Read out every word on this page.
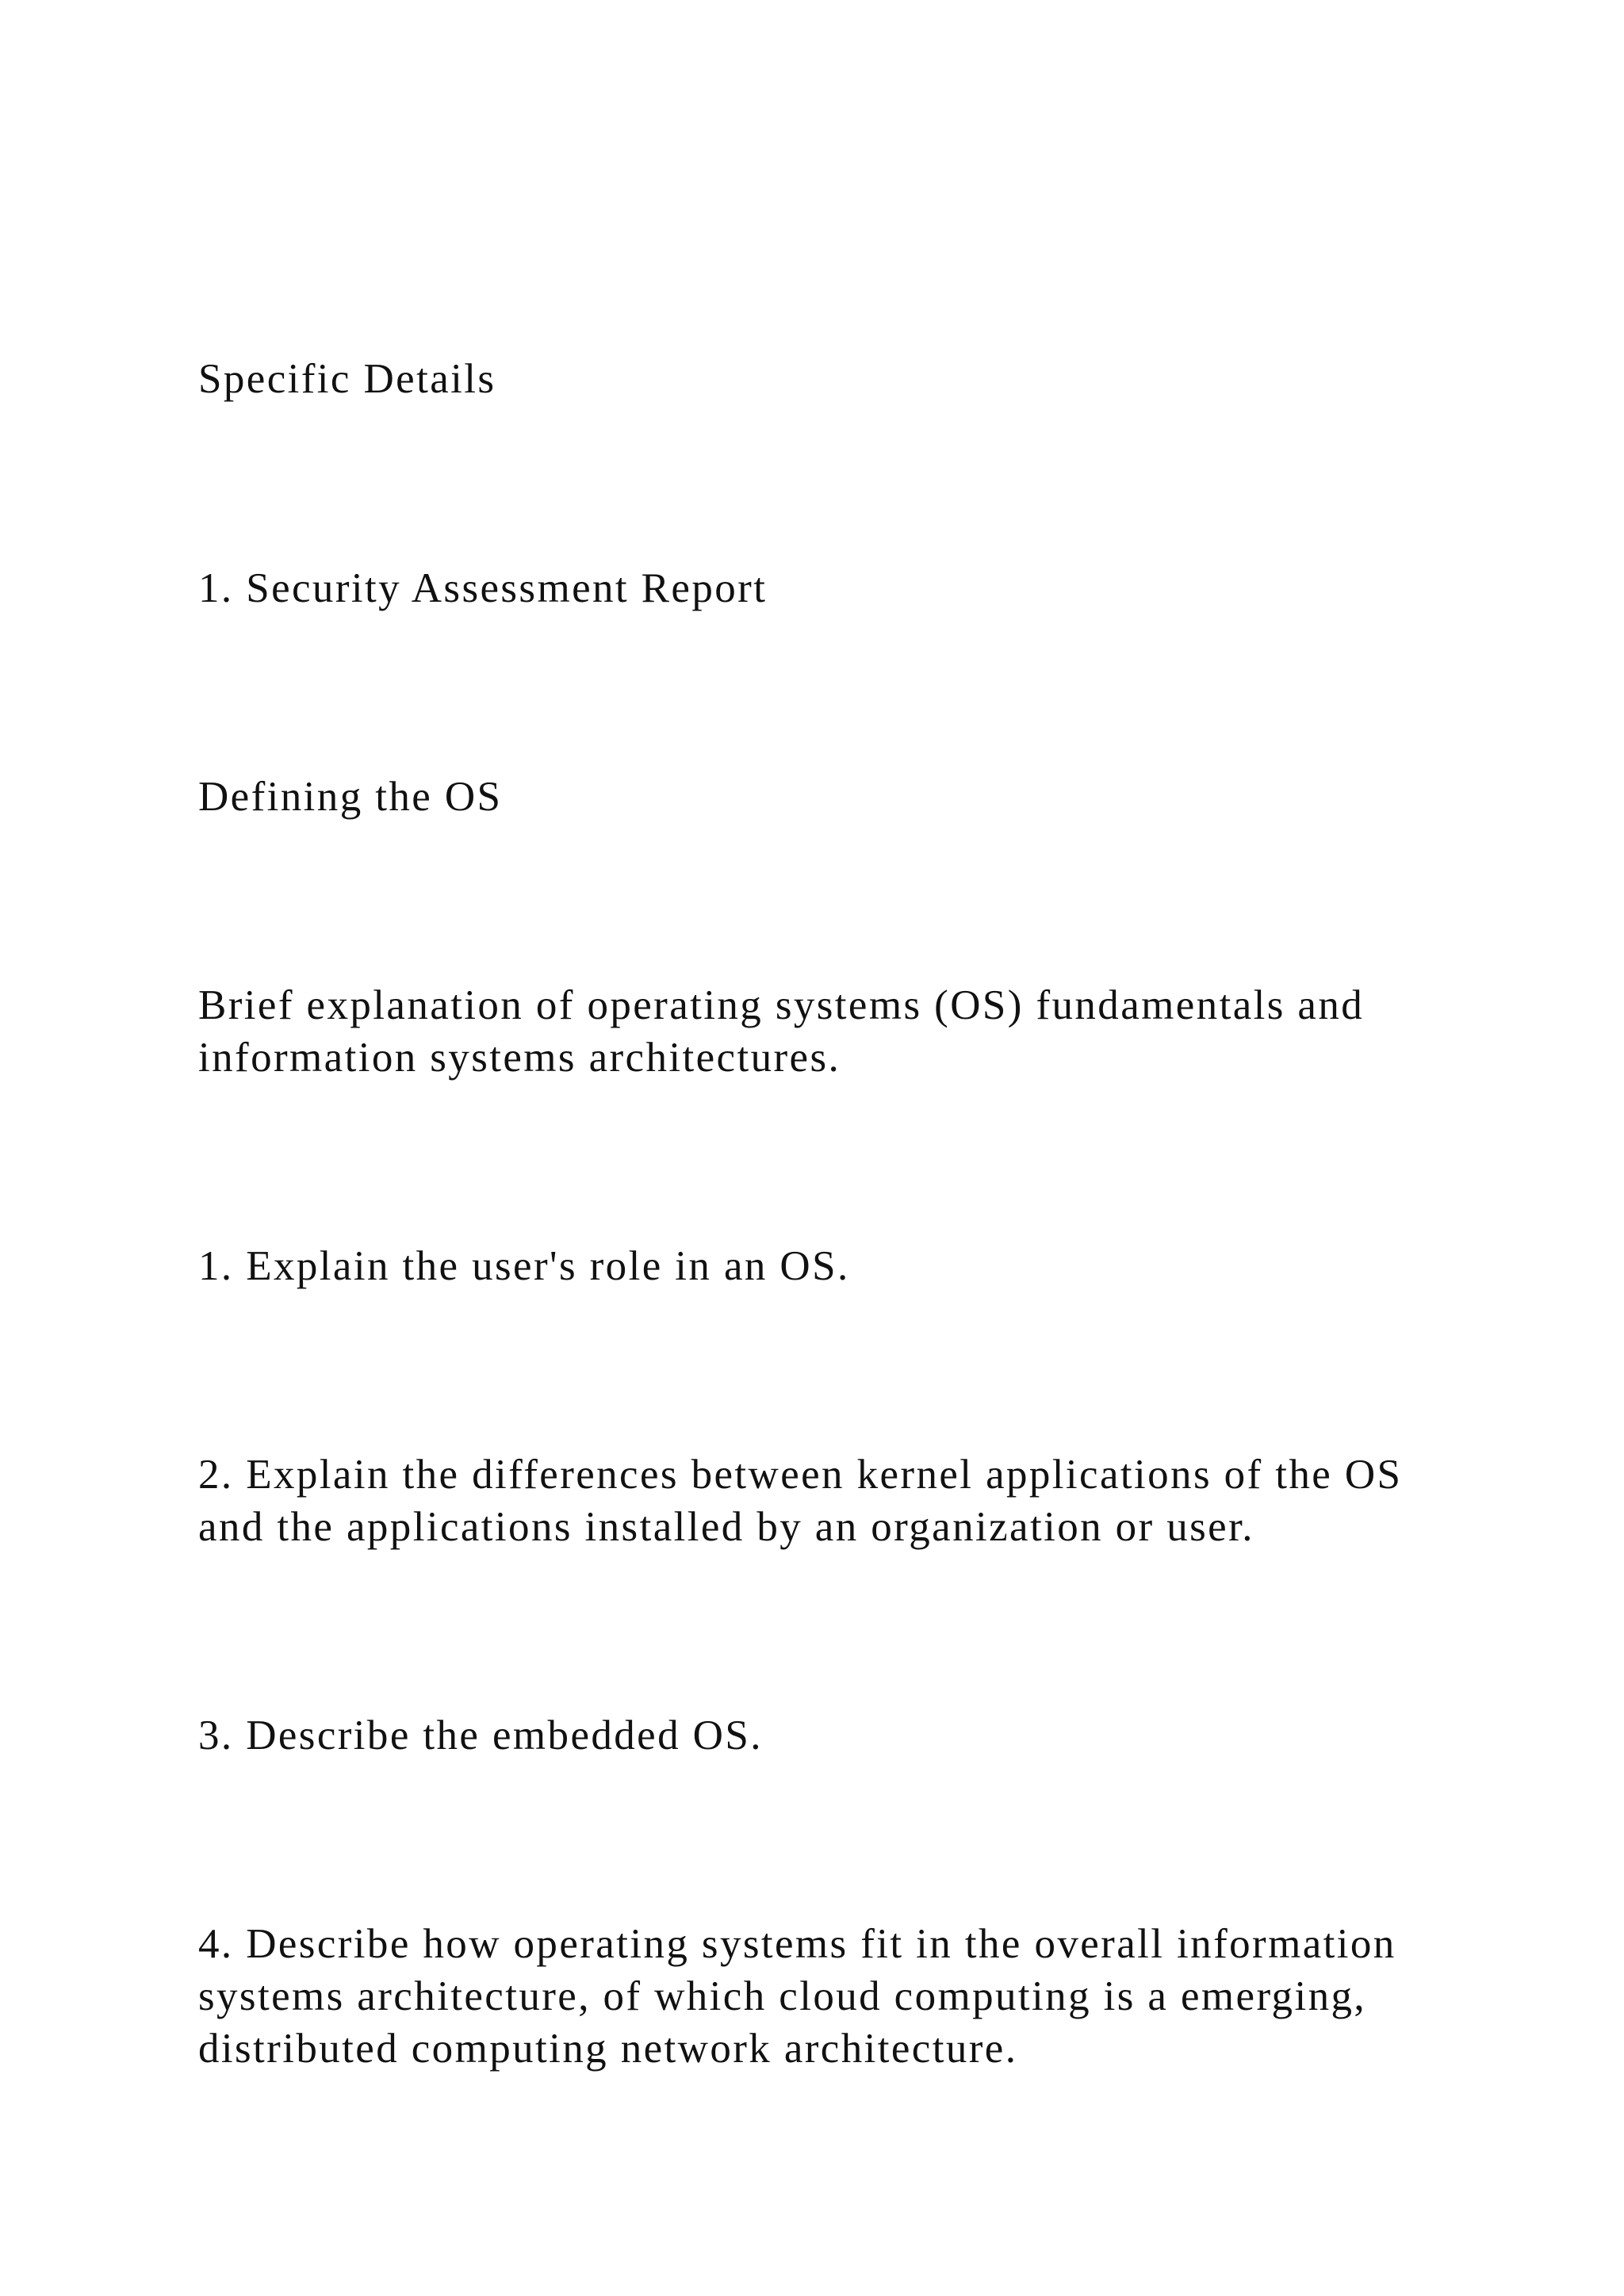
Specific Details
1. Security Assessment Report
Defining the OS

Brief explanation of operating systems (OS) fundamentals and

information systems architectures.

1. Explain the user's role in an OS.

2. Explain the differences between kernel applications of the OS

and the applications installed by an organization or user.

3. Describe the embedded OS.

4. Describe how operating systems fit in the overall information

systems architecture, of which cloud computing is a emerging,

distributed computing network architecture.
